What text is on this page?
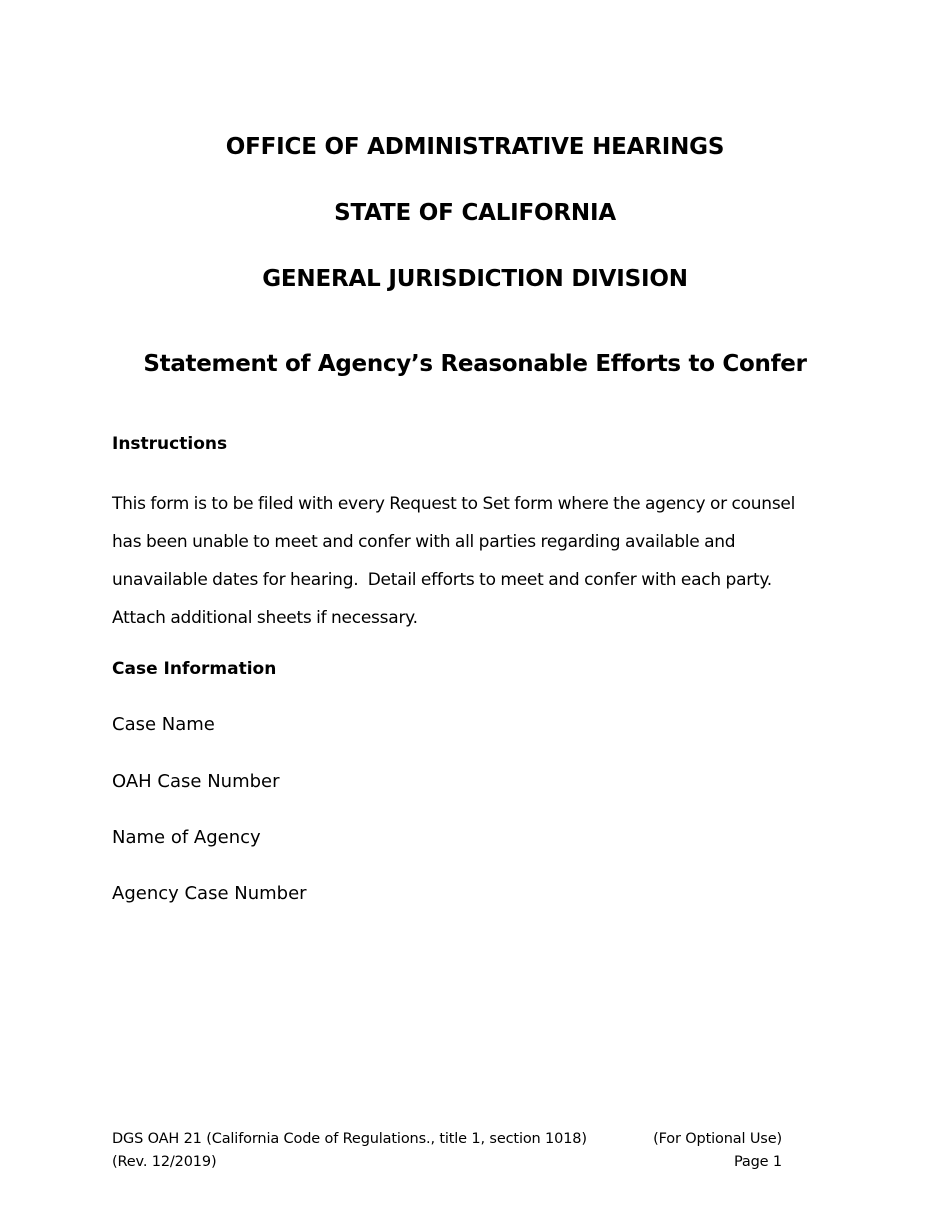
OFFICE OF ADMINISTRATIVE HEARINGS
STATE OF CALIFORNIA
GENERAL JURISDICTION DIVISION
Statement of Agency’s Reasonable Efforts to Confer
Instructions
This form is to be filed with every Request to Set form where the agency or counsel
has been unable to meet and confer with all parties regarding available and
unavailable dates for hearing.  Detail efforts to meet and confer with each party.
Attach additional sheets if necessary.
Case Information
Case Name
OAH Case Number
Name of Agency
Agency Case Number
DGS OAH 21 (California Code of Regulations., title 1, section 1018)	(For Optional Use)
(Rev. 12/2019)	Page 1
